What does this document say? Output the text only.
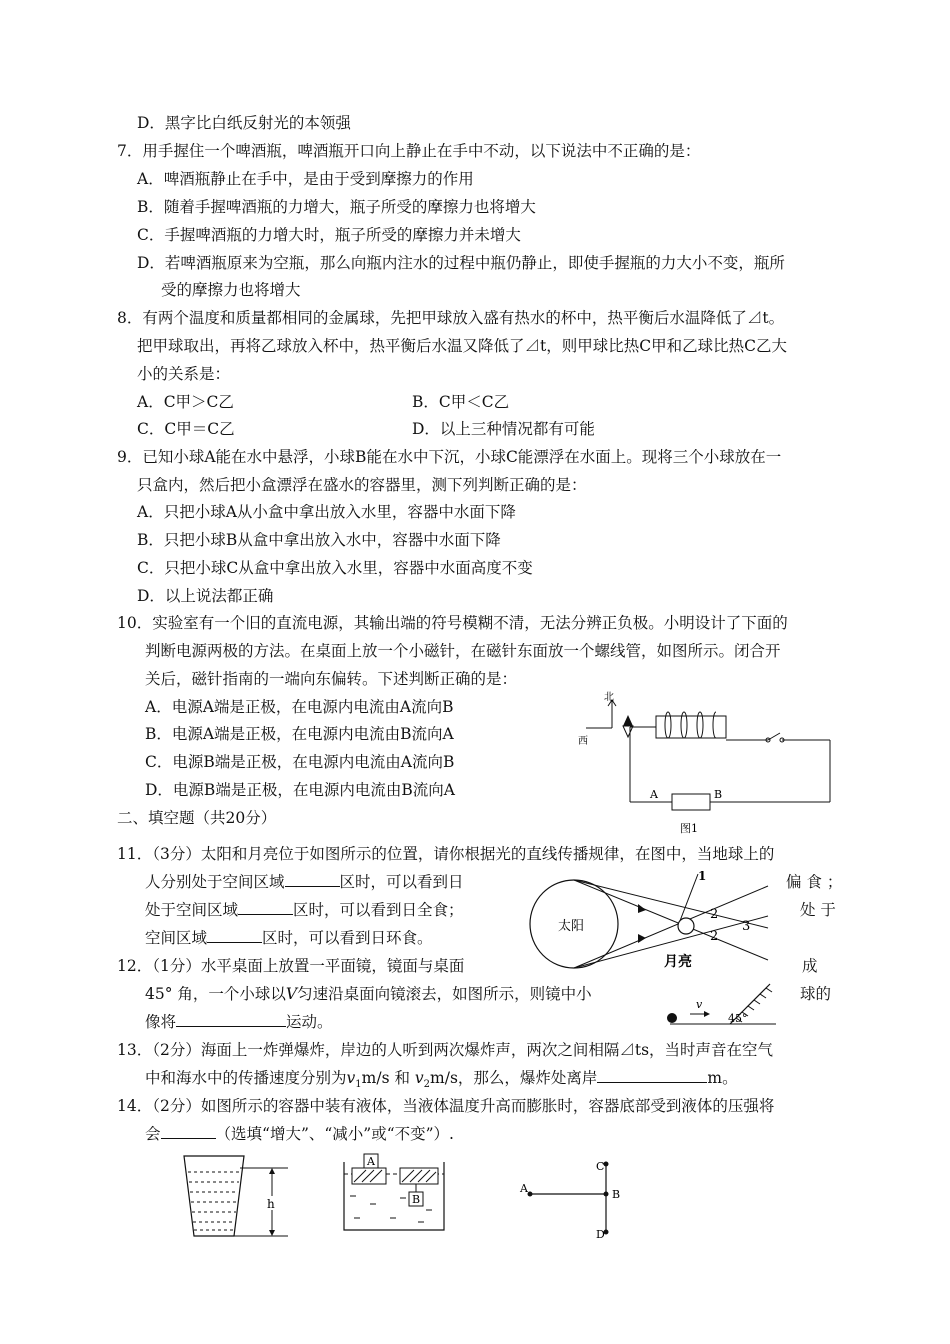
D．黑字比白纸反射光的本领强
7．用手握住一个啤酒瓶，啤酒瓶开口向上静止在手中不动，以下说法中不正确的是：
A．啤酒瓶静止在手中，是由于受到摩擦力的作用
B．随着手握啤酒瓶的力增大，瓶子所受的摩擦力也将增大
C．手握啤酒瓶的力增大时，瓶子所受的摩擦力并未增大
D．若啤酒瓶原来为空瓶，那么向瓶内注水的过程中瓶仍静止，即使手握瓶的力大小不变，瓶所
受的摩擦力也将增大
8．有两个温度和质量都相同的金属球，先把甲球放入盛有热水的杯中，热平衡后水温降低了⊿t。
把甲球取出，再将乙球放入杯中，热平衡后水温又降低了⊿t，则甲球比热C甲和乙球比热C乙大
小的关系是：
A．C甲＞C乙	B．C甲＜C乙
C．C甲＝C乙	D．以上三种情况都有可能
9．已知小球A能在水中悬浮，小球B能在水中下沉，小球C能漂浮在水面上。现将三个小球放在一
只盒内，然后把小盒漂浮在盛水的容器里，测下列判断正确的是：
A．只把小球A从小盒中拿出放入水里，容器中水面下降
B．只把小球B从盒中拿出放入水中，容器中水面下降
C．只把小球C从盒中拿出放入水里，容器中水面高度不变
D．以上说法都正确
10．实验室有一个旧的直流电源，其输出端的符号模糊不清，无法分辨正负极。小明设计了下面的
判断电源两极的方法。在桌面上放一个小磁针，在磁针东面放一个螺线管，如图所示。闭合开
关后，磁针指南的一端向东偏转。下述判断正确的是：
A．电源A端是正极，在电源内电流由A流向B
B．电源A端是正极，在电源内电流由B流向A
C．电源B端是正极，在电源内电流由A流向B
D．电源B端是正极，在电源内电流由B流向A
北
西
A	B
图1
二、填空题（共20分）
11．（3分）太阳和月亮位于如图所示的位置，请你根据光的直线传播规律，在图中，当地球上的
人分别处于空间区域	区时，可以看到日	偏 食 ；
处于空间区域	区时，可以看到日全食；	处 于
空间区域	区时，可以看到日环食。
太阳
月亮
1
2
2
3
12．（1分）水平桌面上放置一平面镜，镜面与桌面	成
45° 角，一个小球以V匀速沿桌面向镜滚去，如图所示，则镜中小	球的
像将	运动。
v
45°
13．（2分）海面上一炸弹爆炸，岸边的人听到两次爆炸声，两次之间相隔⊿ts，当时声音在空气
中和海水中的传播速度分别为$v_1m/s$ 和 $v_2m/s$，那么，爆炸处离岸	m。
14．（2分）如图所示的容器中装有液体，当液体温度升高而膨胀时，容器底部受到液体的压强将
会	（选填“增大”、“减小”或“不变”）.
h
A
B
A
C
B
D
